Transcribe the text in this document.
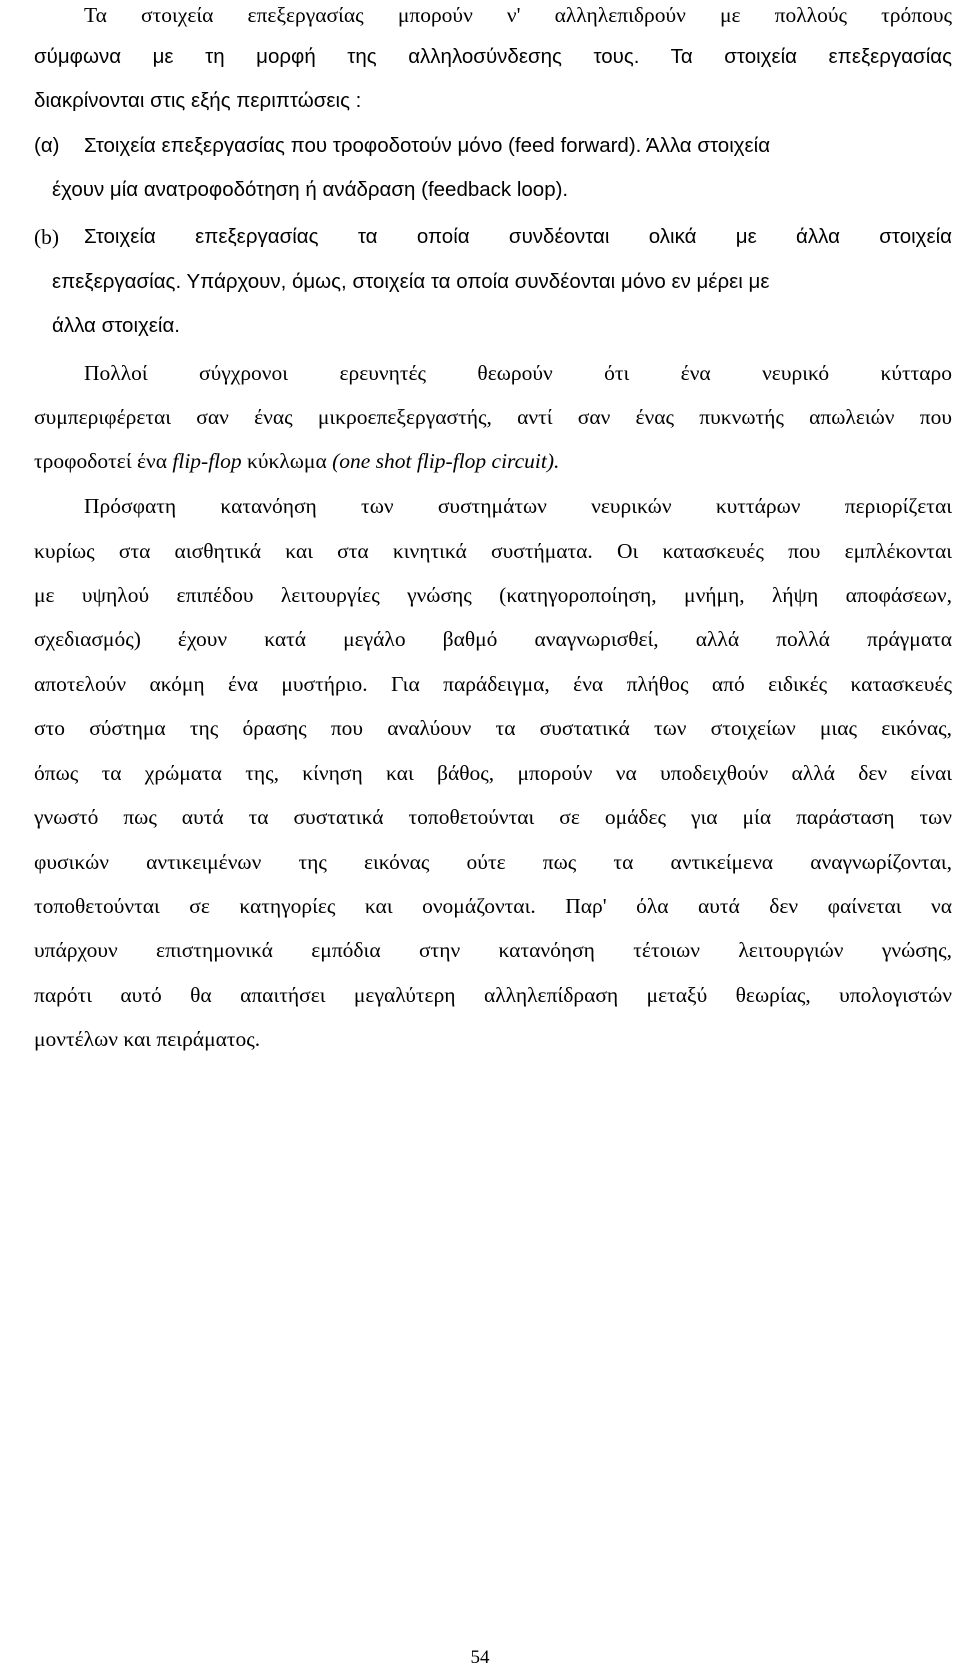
Τα στοιχεία επεξεργασίας μπορούν ν' αλληλεπιδρούν με πολλούς τρόπους
σύμφωνα με τη μορφή της αλληλοσύνδεσης τους. Τα στοιχεία επεξεργασίας
διακρίνονται στις εξής περιπτώσεις :
(α) Στοιχεία επεξεργασίας που τροφοδοτούν μόνο (feed forward). Άλλα στοιχεία
έχουν μία ανατροφοδότηση ή ανάδραση (feedback loop).
(b) Στοιχεία επεξεργασίας τα οποία συνδέονται ολικά με άλλα στοιχεία
επεξεργασίας. Υπάρχουν, όμως, στοιχεία τα οποία συνδέονται μόνο εν μέρει με
άλλα στοιχεία.
Πολλοί σύγχρονοι ερευνητές θεωρούν ότι ένα νευρικό κύτταρο
συμπεριφέρεται σαν ένας μικροεπεξεργαστής, αντί σαν ένας πυκνωτής απωλειών που
τροφοδοτεί ένα flip-flop κύκλωμα (one shot flip-flop circuit).
Πρόσφατη κατανόηση των συστημάτων νευρικών κυττάρων περιορίζεται
κυρίως στα αισθητικά και στα κινητικά συστήματα. Οι κατασκευές που εμπλέκονται
με υψηλού επιπέδου λειτουργίες γνώσης (κατηγοροποίηση, μνήμη, λήψη αποφάσεων,
σχεδιασμός) έχουν κατά μεγάλο βαθμό αναγνωρισθεί, αλλά πολλά πράγματα
αποτελούν ακόμη ένα μυστήριο. Για παράδειγμα, ένα πλήθος από ειδικές κατασκευές
στο σύστημα της όρασης που αναλύουν τα συστατικά των στοιχείων μιας εικόνας,
όπως τα χρώματα της, κίνηση και βάθος, μπορούν να υποδειχθούν αλλά δεν είναι
γνωστό πως αυτά τα συστατικά τοποθετούνται σε ομάδες για μία παράσταση των
φυσικών αντικειμένων της εικόνας ούτε πως τα αντικείμενα αναγνωρίζονται,
τοποθετούνται σε κατηγορίες και ονομάζονται. Παρ' όλα αυτά δεν φαίνεται να
υπάρχουν επιστημονικά εμπόδια στην κατανόηση τέτοιων λειτουργιών γνώσης,
παρότι αυτό θα απαιτήσει μεγαλύτερη αλληλεπίδραση μεταξύ θεωρίας, υπολογιστών
μοντέλων και πειράματος.
54
